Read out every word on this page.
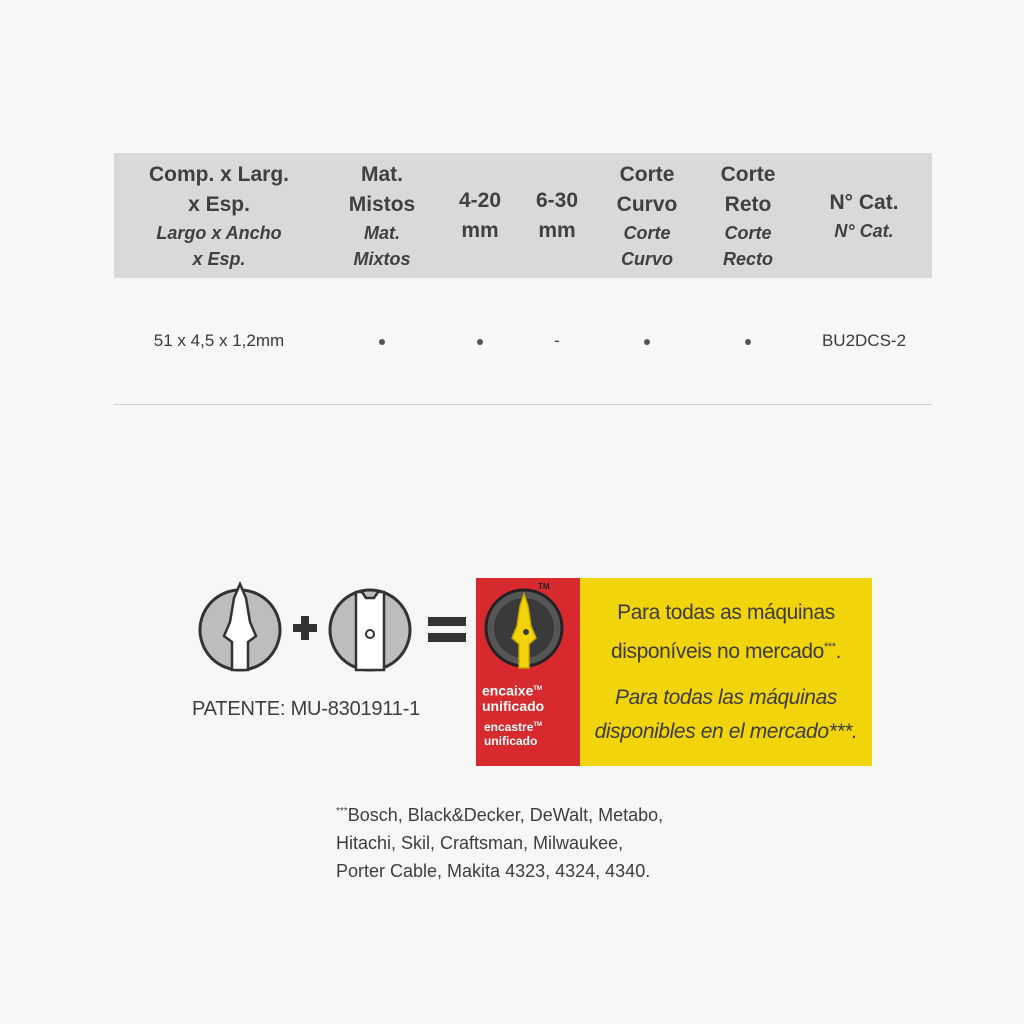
Comp. x Larg.
x Esp.
Largo x Ancho
x Esp.
Mat.
Mistos
Mat.
Mixtos
4-20
mm
6-30
mm
Corte
Curvo
Corte
Curvo
Corte
Reto
Corte
Recto
N° Cat.
N° Cat.
51 x 4,5 x 1,2mm	-	BU2DCS-2
PATENTE: MU-8301911-1
TM
encaixe™
unificado
encastre™
unificado
Para todas as máquinas
disponíveis no mercado***.
Para todas las máquinas
disponibles en el mercado***.
***Bosch, Black&Decker, DeWalt, Metabo,
Hitachi, Skil, Craftsman, Milwaukee,
Porter Cable, Makita 4323, 4324, 4340.
